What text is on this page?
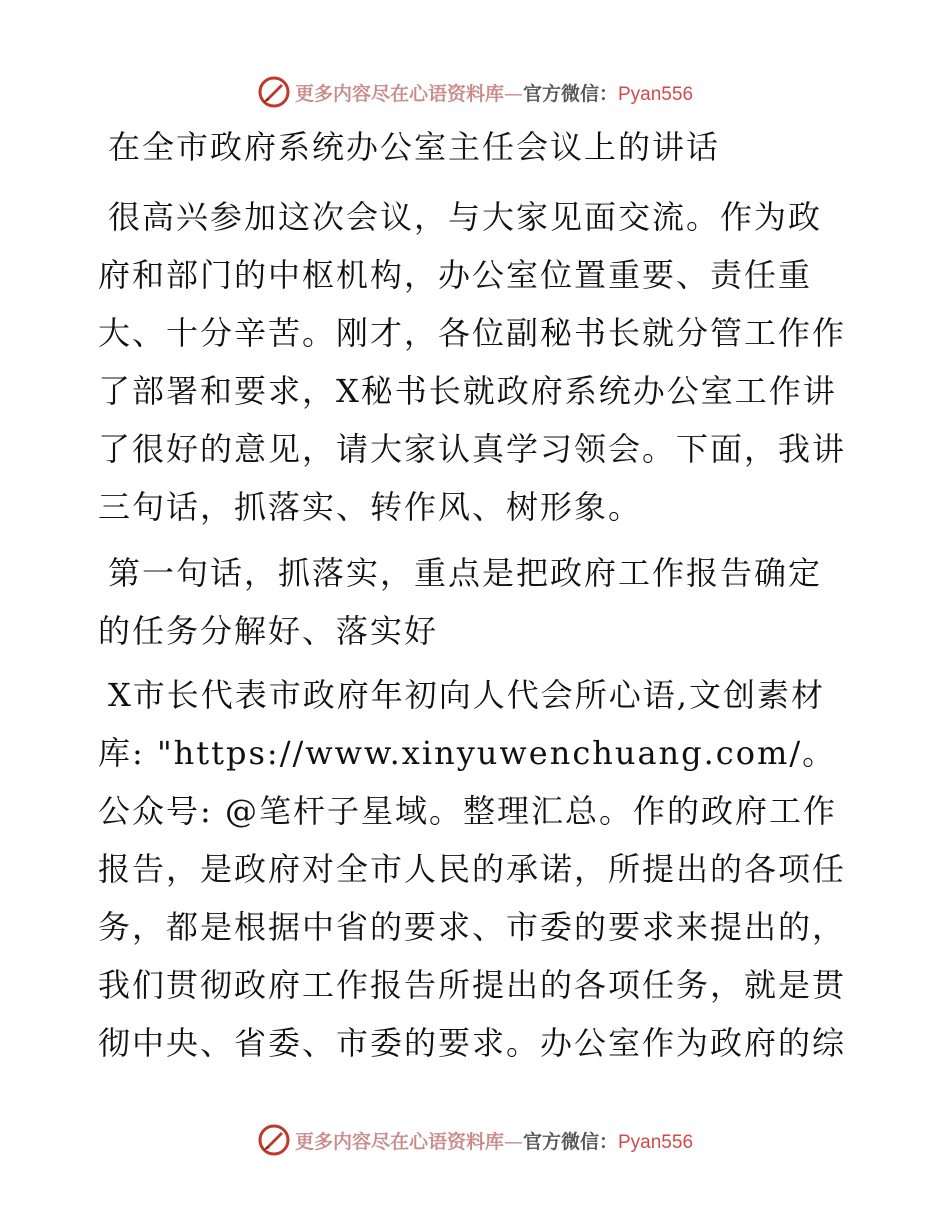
更多内容尽在心语资料库—官方微信：Pyan556
在全市政府系统办公室主任会议上的讲话

很高兴参加这次会议，与大家见面交流。作为政府和部门的中枢机构，办公室位置重要、责任重大、十分辛苦。刚才，各位副秘书长就分管工作作了部署和要求，X秘书长就政府系统办公室工作讲了很好的意见，请大家认真学习领会。下面，我讲三句话，抓落实、转作风、树形象。

第一句话，抓落实，重点是把政府工作报告确定的任务分解好、落实好

X市长代表市政府年初向人代会所心语,文创素材库: "https://www.xinyuwenchuang.com/。公众号: @笔杆子星域。整理汇总。作的政府工作报告，是政府对全市人民的承诺，所提出的各项任务，都是根据中省的要求、市委的要求来提出的，我们贯彻政府工作报告所提出的各项任务，就是贯彻中央、省委、市委的要求。办公室作为政府的综

更多内容尽在心语资料库—官方微信：Pyan556
